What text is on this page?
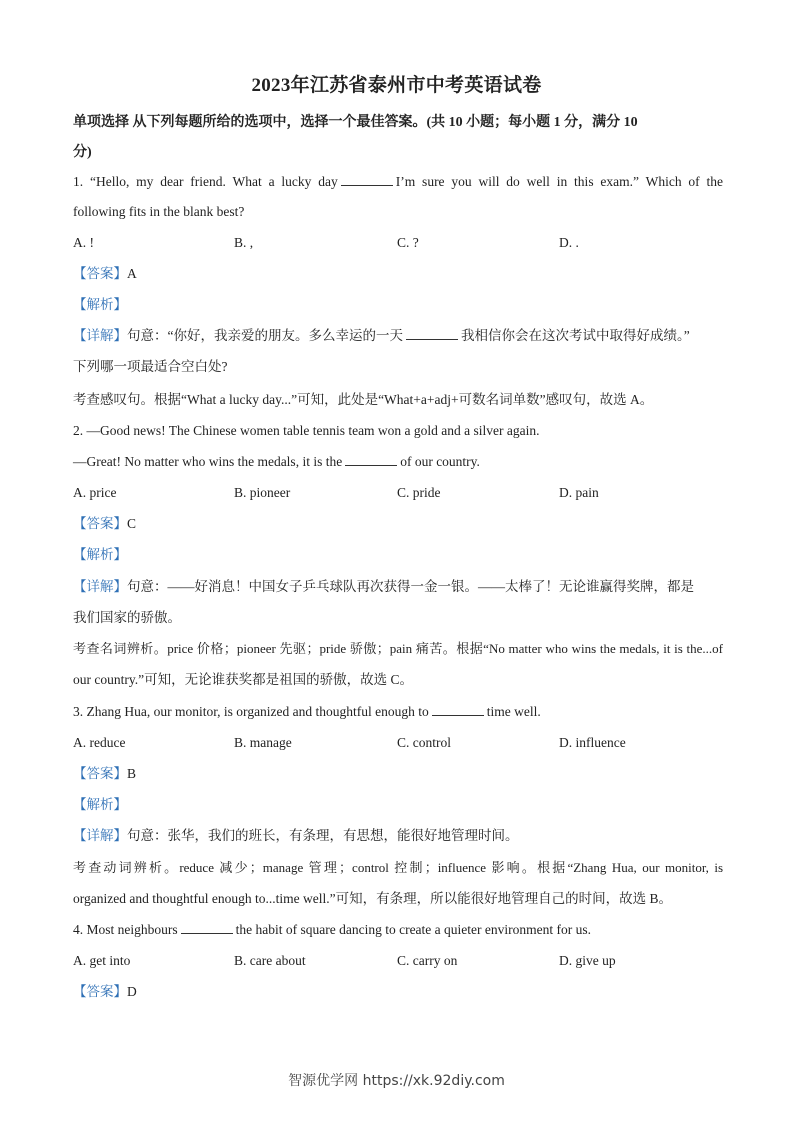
2023年江苏省泰州市中考英语试卷
单项选择 从下列每题所给的选项中，选择一个最佳答案。(共 10 小题；每小题 1 分，满分 10
分)
1. “Hello, my dear friend. What a lucky day	I’m sure you will do well in this exam.” Which of the
following fits in the blank best?
A. !	B. ,	C. ?	D. .
【答案】A
【解析】
【详解】句意：“你好，我亲爱的朋友。多么幸运的一天	我相信你会在这次考试中取得好成绩。”
下列哪一项最适合空白处?
考查感叹句。根据“What a lucky day...”可知，此处是“What+a+adj+可数名词单数”感叹句，故选 A。
2. —Good news! The Chinese women table tennis team won a gold and a silver again.
—Great! No matter who wins the medals, it is the	of our country.
A. price	B. pioneer	C. pride	D. pain
【答案】C
【解析】
【详解】句意：——好消息！中国女子乒乓球队再次获得一金一银。——太棒了！无论谁赢得奖牌，都是
我们国家的骄傲。
考查名词辨析。price 价格；pioneer 先驱；pride 骄傲；pain 痛苦。根据“No matter who wins the medals, it is the...of
our country.”可知，无论谁获奖都是祖国的骄傲，故选 C。
3. Zhang Hua, our monitor, is organized and thoughtful enough to	time well.
A. reduce	B. manage	C. control	D. influence
【答案】B
【解析】
【详解】句意：张华，我们的班长，有条理，有思想，能很好地管理时间。
考查动词辨析。reduce 减少；manage 管理；control 控制；influence 影响。根据“Zhang Hua, our monitor, is
organized and thoughtful enough to...time well.”可知，有条理，所以能很好地管理自己的时间，故选 B。
4. Most neighbours	the habit of square dancing to create a quieter environment for us.
A. get into	B. care about	C. carry on	D. give up
【答案】D
智源优学网 https://xk.92diy.com
